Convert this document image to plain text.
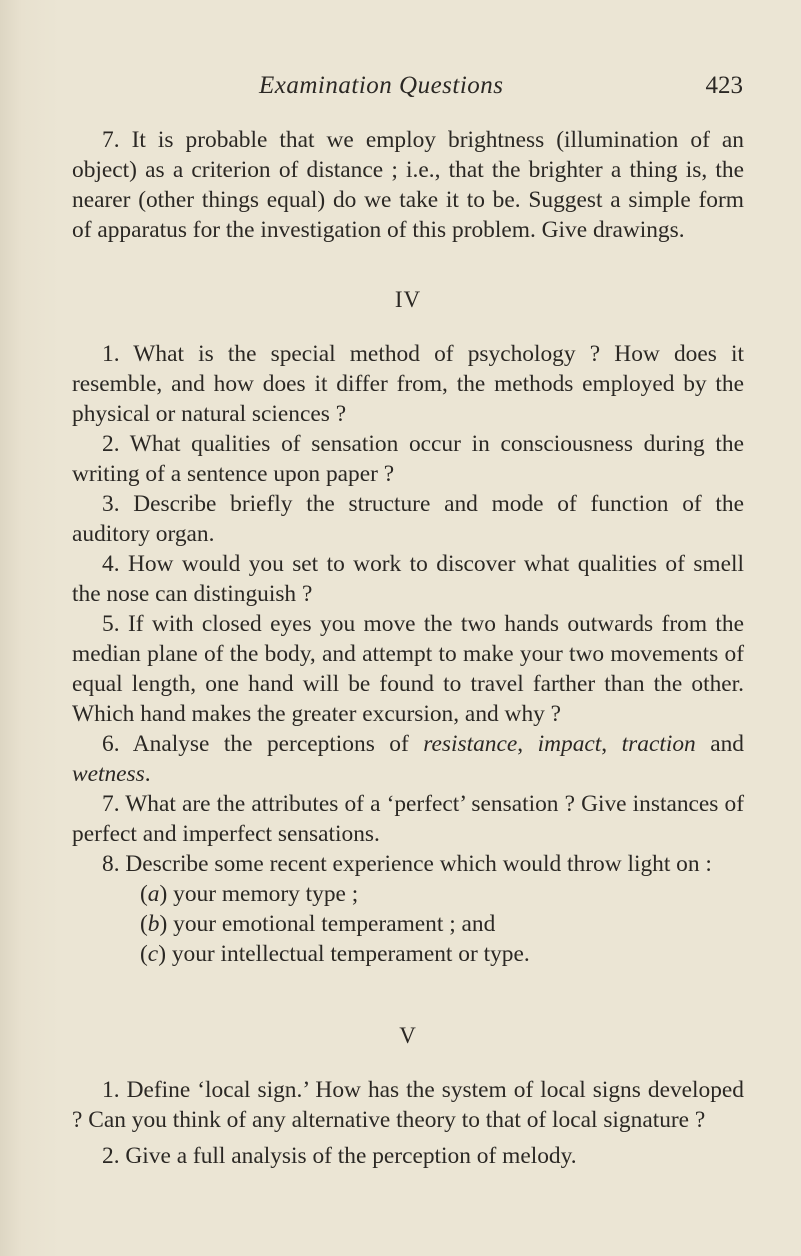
Examination Questions	423

7. It is probable that we employ brightness (illumination of an object) as a criterion of distance ; i.e., that the brighter a thing is, the nearer (other things equal) do we take it to be. Suggest a simple form of apparatus for the investigation of this problem. Give drawings.

IV

1. What is the special method of psychology ? How does it resemble, and how does it differ from, the methods employed by the physical or natural sciences ?

2. What qualities of sensation occur in consciousness during the writing of a sentence upon paper ?

3. Describe briefly the structure and mode of function of the auditory organ.

4. How would you set to work to discover what qualities of smell the nose can distinguish ?

5. If with closed eyes you move the two hands outwards from the median plane of the body, and attempt to make your two movements of equal length, one hand will be found to travel farther than the other. Which hand makes the greater excursion, and why ?

6. Analyse the perceptions of resistance, impact, traction and wetness.

7. What are the attributes of a ‘perfect’ sensation ? Give instances of perfect and imperfect sensations.

8. Describe some recent experience which would throw light on :

(a) your memory type ;

(b) your emotional temperament ; and

(c) your intellectual temperament or type.

V

1. Define ‘local sign.’ How has the system of local signs developed ? Can you think of any alternative theory to that of local signature ?

2. Give a full analysis of the perception of melody.
